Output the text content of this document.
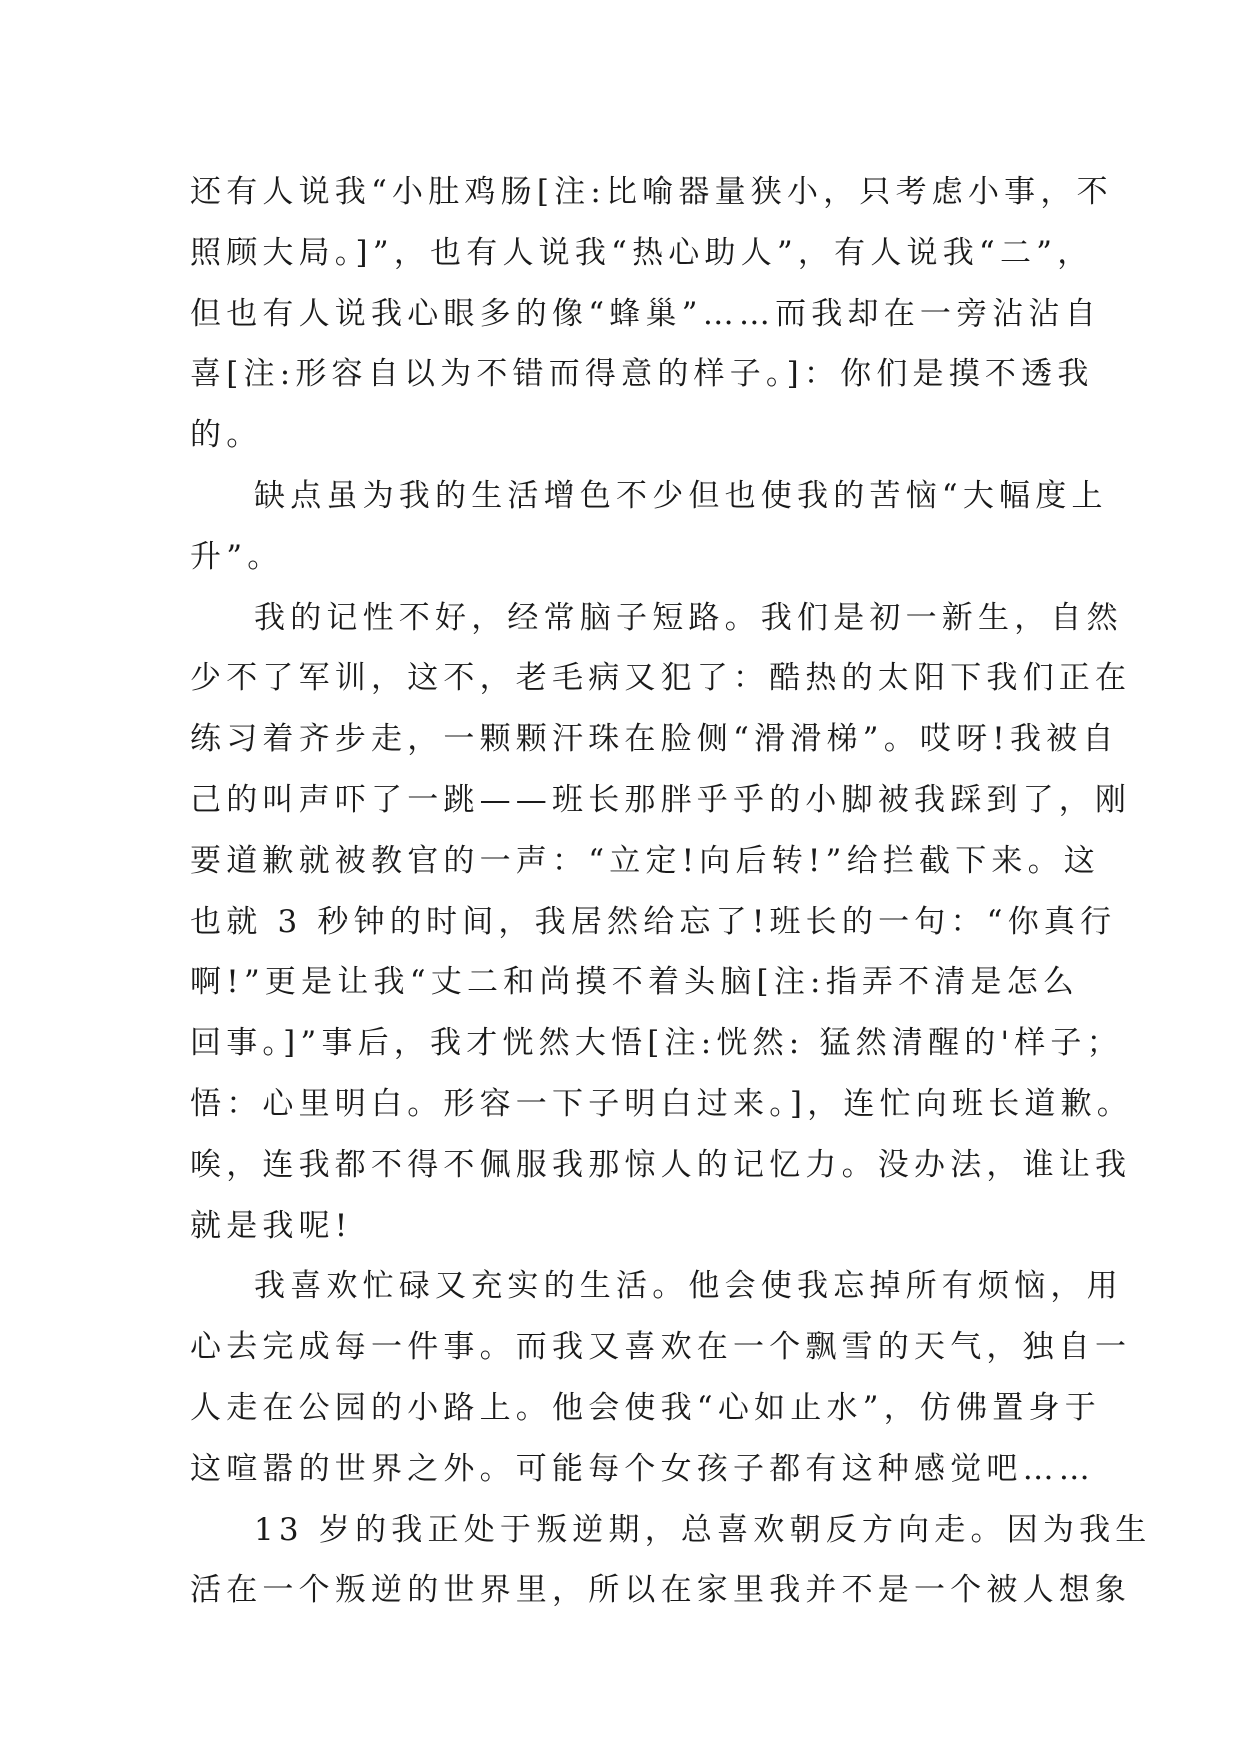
还有人说我“小肚鸡肠[注:比喻器量狭小，只考虑小事，不
照顾大局。]”，也有人说我“热心助人”，有人说我“二”，
但也有人说我心眼多的像“蜂巢”……而我却在一旁沾沾自
喜[注:形容自以为不错而得意的样子。]：你们是摸不透我
的。
缺点虽为我的生活增色不少但也使我的苦恼“大幅度上
升”。
我的记性不好，经常脑子短路。我们是初一新生，自然
少不了军训，这不，老毛病又犯了：酷热的太阳下我们正在
练习着齐步走，一颗颗汗珠在脸侧“滑滑梯”。哎呀!我被自
己的叫声吓了一跳——班长那胖乎乎的小脚被我踩到了，刚
要道歉就被教官的一声：“立定!向后转!”给拦截下来。这
也就 3 秒钟的时间，我居然给忘了!班长的一句：“你真行
啊!”更是让我“丈二和尚摸不着头脑[注:指弄不清是怎么
回事。]”事后，我才恍然大悟[注:恍然: 猛然清醒的'样子；
悟：心里明白。形容一下子明白过来。]，连忙向班长道歉。
唉，连我都不得不佩服我那惊人的记忆力。没办法，谁让我
就是我呢!
我喜欢忙碌又充实的生活。他会使我忘掉所有烦恼，用
心去完成每一件事。而我又喜欢在一个飘雪的天气，独自一
人走在公园的小路上。他会使我“心如止水”，仿佛置身于
这喧嚣的世界之外。可能每个女孩子都有这种感觉吧……
13 岁的我正处于叛逆期，总喜欢朝反方向走。因为我生
活在一个叛逆的世界里，所以在家里我并不是一个被人想象
